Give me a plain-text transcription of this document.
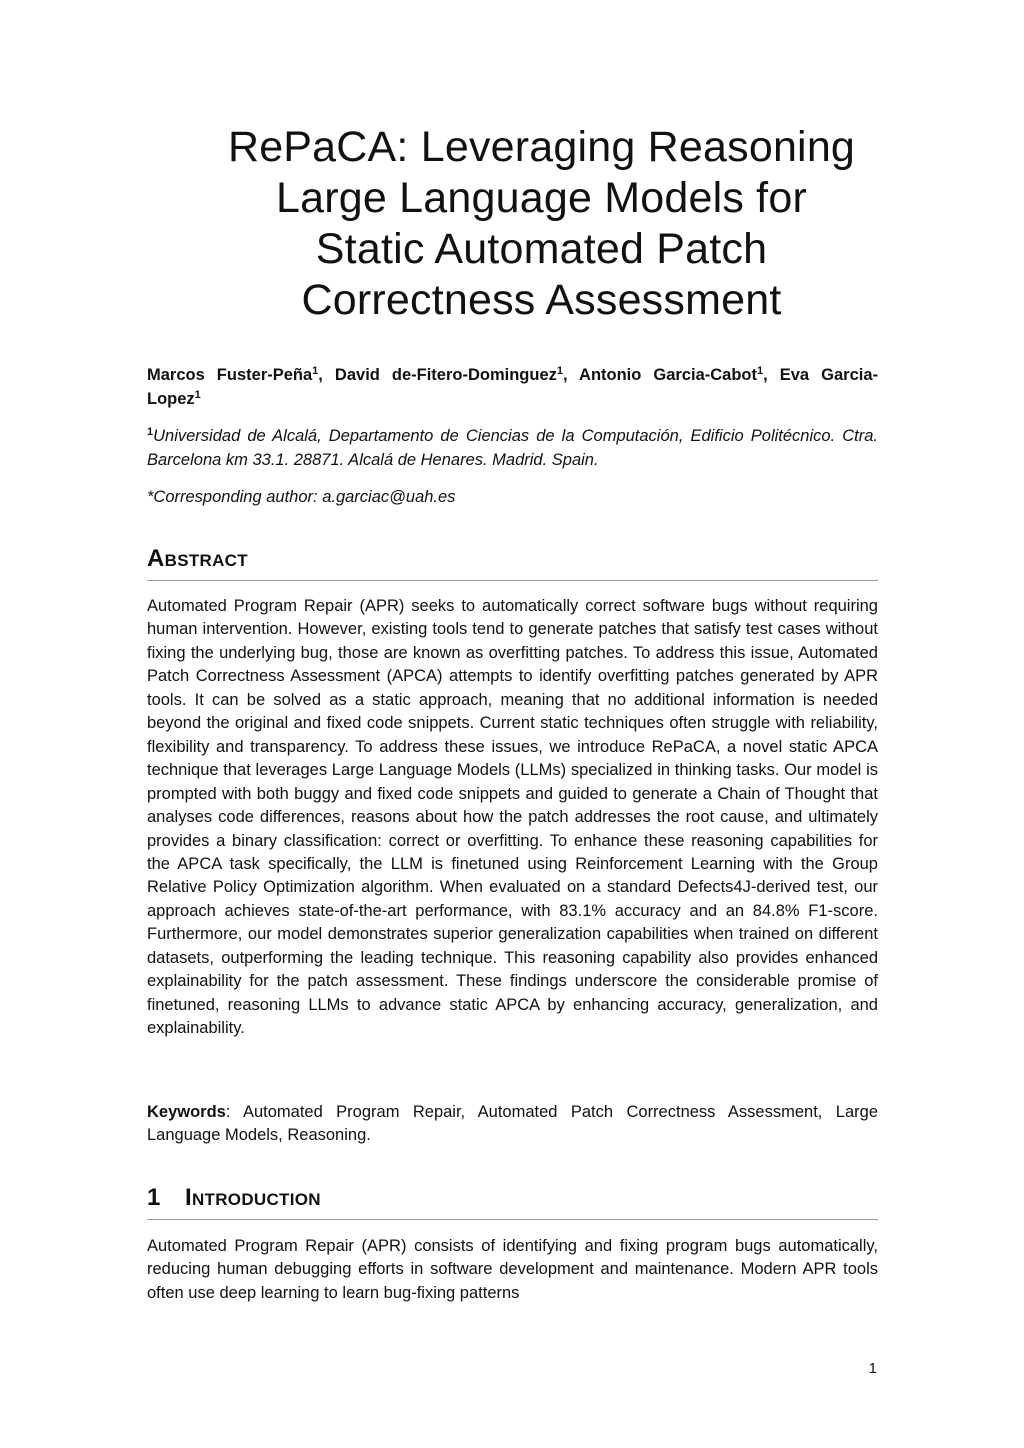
RePaCA: Leveraging Reasoning
Large Language Models for
Static Automated Patch
Correctness Assessment
Marcos Fuster-Peña$^1$, David de-Fitero-Dominguez$^1$, Antonio Garcia-Cabot$^1$, Eva Garcia-Lopez$^1$
$^1$Universidad de Alcalá, Departamento de Ciencias de la Computación, Edificio Politécnico. Ctra. Barcelona km 33.1. 28871. Alcalá de Henares. Madrid. Spain.
*Corresponding author: a.garciac@uah.es
Abstract

Automated Program Repair (APR) seeks to automatically correct software bugs without requiring human intervention. However, existing tools tend to generate patches that satisfy test cases without fixing the underlying bug, those are known as overfitting patches. To address this issue, Automated Patch Correctness Assessment (APCA) attempts to identify overfitting patches generated by APR tools. It can be solved as a static approach, meaning that no additional information is needed beyond the original and fixed code snippets. Current static techniques often struggle with reliability, flexibility and transparency. To address these issues, we introduce RePaCA, a novel static APCA technique that leverages Large Language Models (LLMs) specialized in thinking tasks. Our model is prompted with both buggy and fixed code snippets and guided to generate a Chain of Thought that analyses code differences, reasons about how the patch addresses the root cause, and ultimately provides a binary classification: correct or overfitting. To enhance these reasoning capabilities for the APCA task specifically, the LLM is finetuned using Reinforcement Learning with the Group Relative Policy Optimization algorithm. When evaluated on a standard Defects4J-derived test, our approach achieves state-of-the-art performance, with 83.1% accuracy and an 84.8% F1-score. Furthermore, our model demonstrates superior generalization capabilities when trained on different datasets, outperforming the leading technique. This reasoning capability also provides enhanced explainability for the patch assessment. These findings underscore the considerable promise of finetuned, reasoning LLMs to advance static APCA by enhancing accuracy, generalization, and explainability.

Keywords: Automated Program Repair, Automated Patch Correctness Assessment, Large Language Models, Reasoning.

1 Introduction

Automated Program Repair (APR) consists of identifying and fixing program bugs automatically, reducing human debugging efforts in software development and maintenance. Modern APR tools often use deep learning to learn bug-fixing patterns

1
